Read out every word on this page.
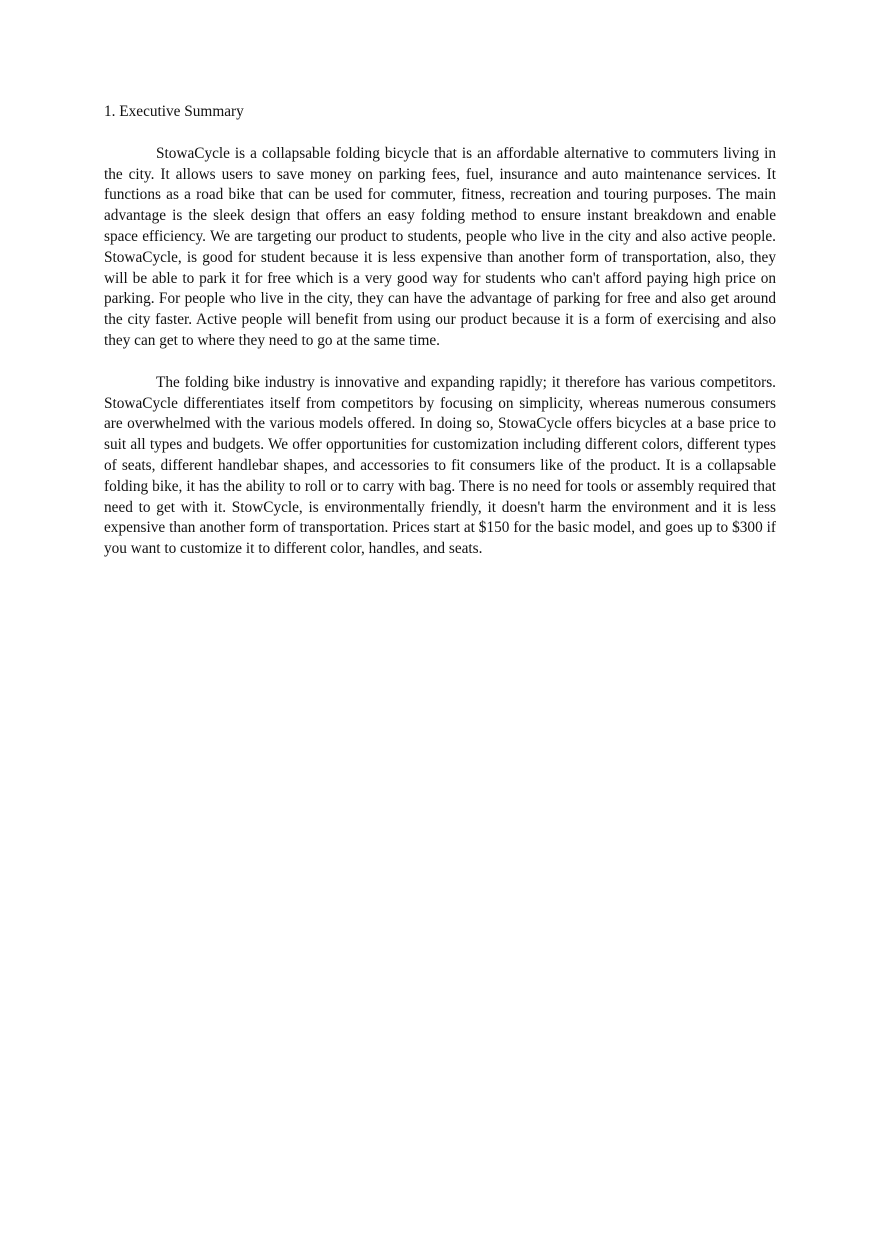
1. Executive Summary

StowaCycle is a collapsable folding bicycle that is an affordable alternative to commuters living in the city. It allows users to save money on parking fees, fuel, insurance and auto maintenance services. It functions as a road bike that can be used for commuter, fitness, recreation and touring purposes. The main advantage is the sleek design that offers an easy folding method to ensure instant breakdown and enable space efficiency. We are targeting our product to students, people who live in the city and also active people. StowaCycle, is good for student because it is less expensive than another form of transportation, also, they will be able to park it for free which is a very good way for students who can't afford paying high price on parking. For people who live in the city, they can have the advantage of parking for free and also get around the city faster. Active people will benefit from using our product because it is a form of exercising and also they can get to where they need to go at the same time.

The folding bike industry is innovative and expanding rapidly; it therefore has various competitors. StowaCycle differentiates itself from competitors by focusing on simplicity, whereas numerous consumers are overwhelmed with the various models offered. In doing so, StowaCycle offers bicycles at a base price to suit all types and budgets. We offer opportunities for customization including different colors, different types of seats, different handlebar shapes, and accessories to fit consumers like of the product. It is a collapsable folding bike, it has the ability to roll or to carry with bag. There is no need for tools or assembly required that need to get with it. StowCycle, is environmentally friendly, it doesn't harm the environment and it is less expensive than another form of transportation. Prices start at $150 for the basic model, and goes up to $300 if you want to customize it to different color, handles, and seats.
